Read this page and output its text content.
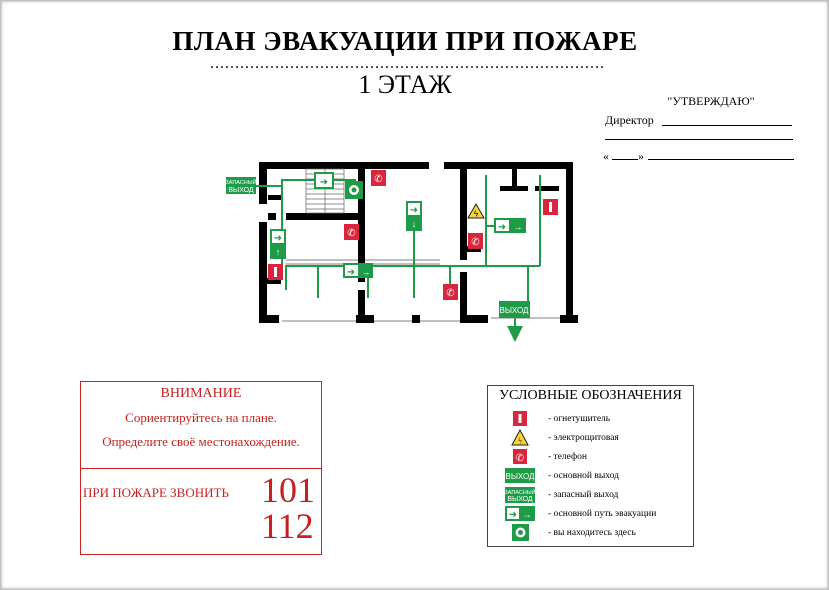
ПЛАН ЭВАКУАЦИИ ПРИ ПОЖАРЕ
...............................................................................
1 ЭТАЖ
"УТВЕРЖДАЮ"
Директор
« »
ЗАПАСНЫЙ
ВЫХОД
ВЫХОД
➜ →
➜ →
➜
↓
➜
↑
➜	✆
✆
✆
✆
ϟ
ВНИМАНИЕ
Сориентируйтесь на плане.
Определите своё местонахождение.
ПРИ ПОЖАРЕ ЗВОНИТЬ 101
112
УСЛОВНЫЕ ОБОЗНАЧЕНИЯ
- огнетушитель
ϟ	- электрощитовая
✆	- телефон
ВЫХОД - основной выход
ЗАПАСНЫЙ
ВЫХОД - запасный выход
➜ → - основной путь эвакуации
- вы находитесь здесь
